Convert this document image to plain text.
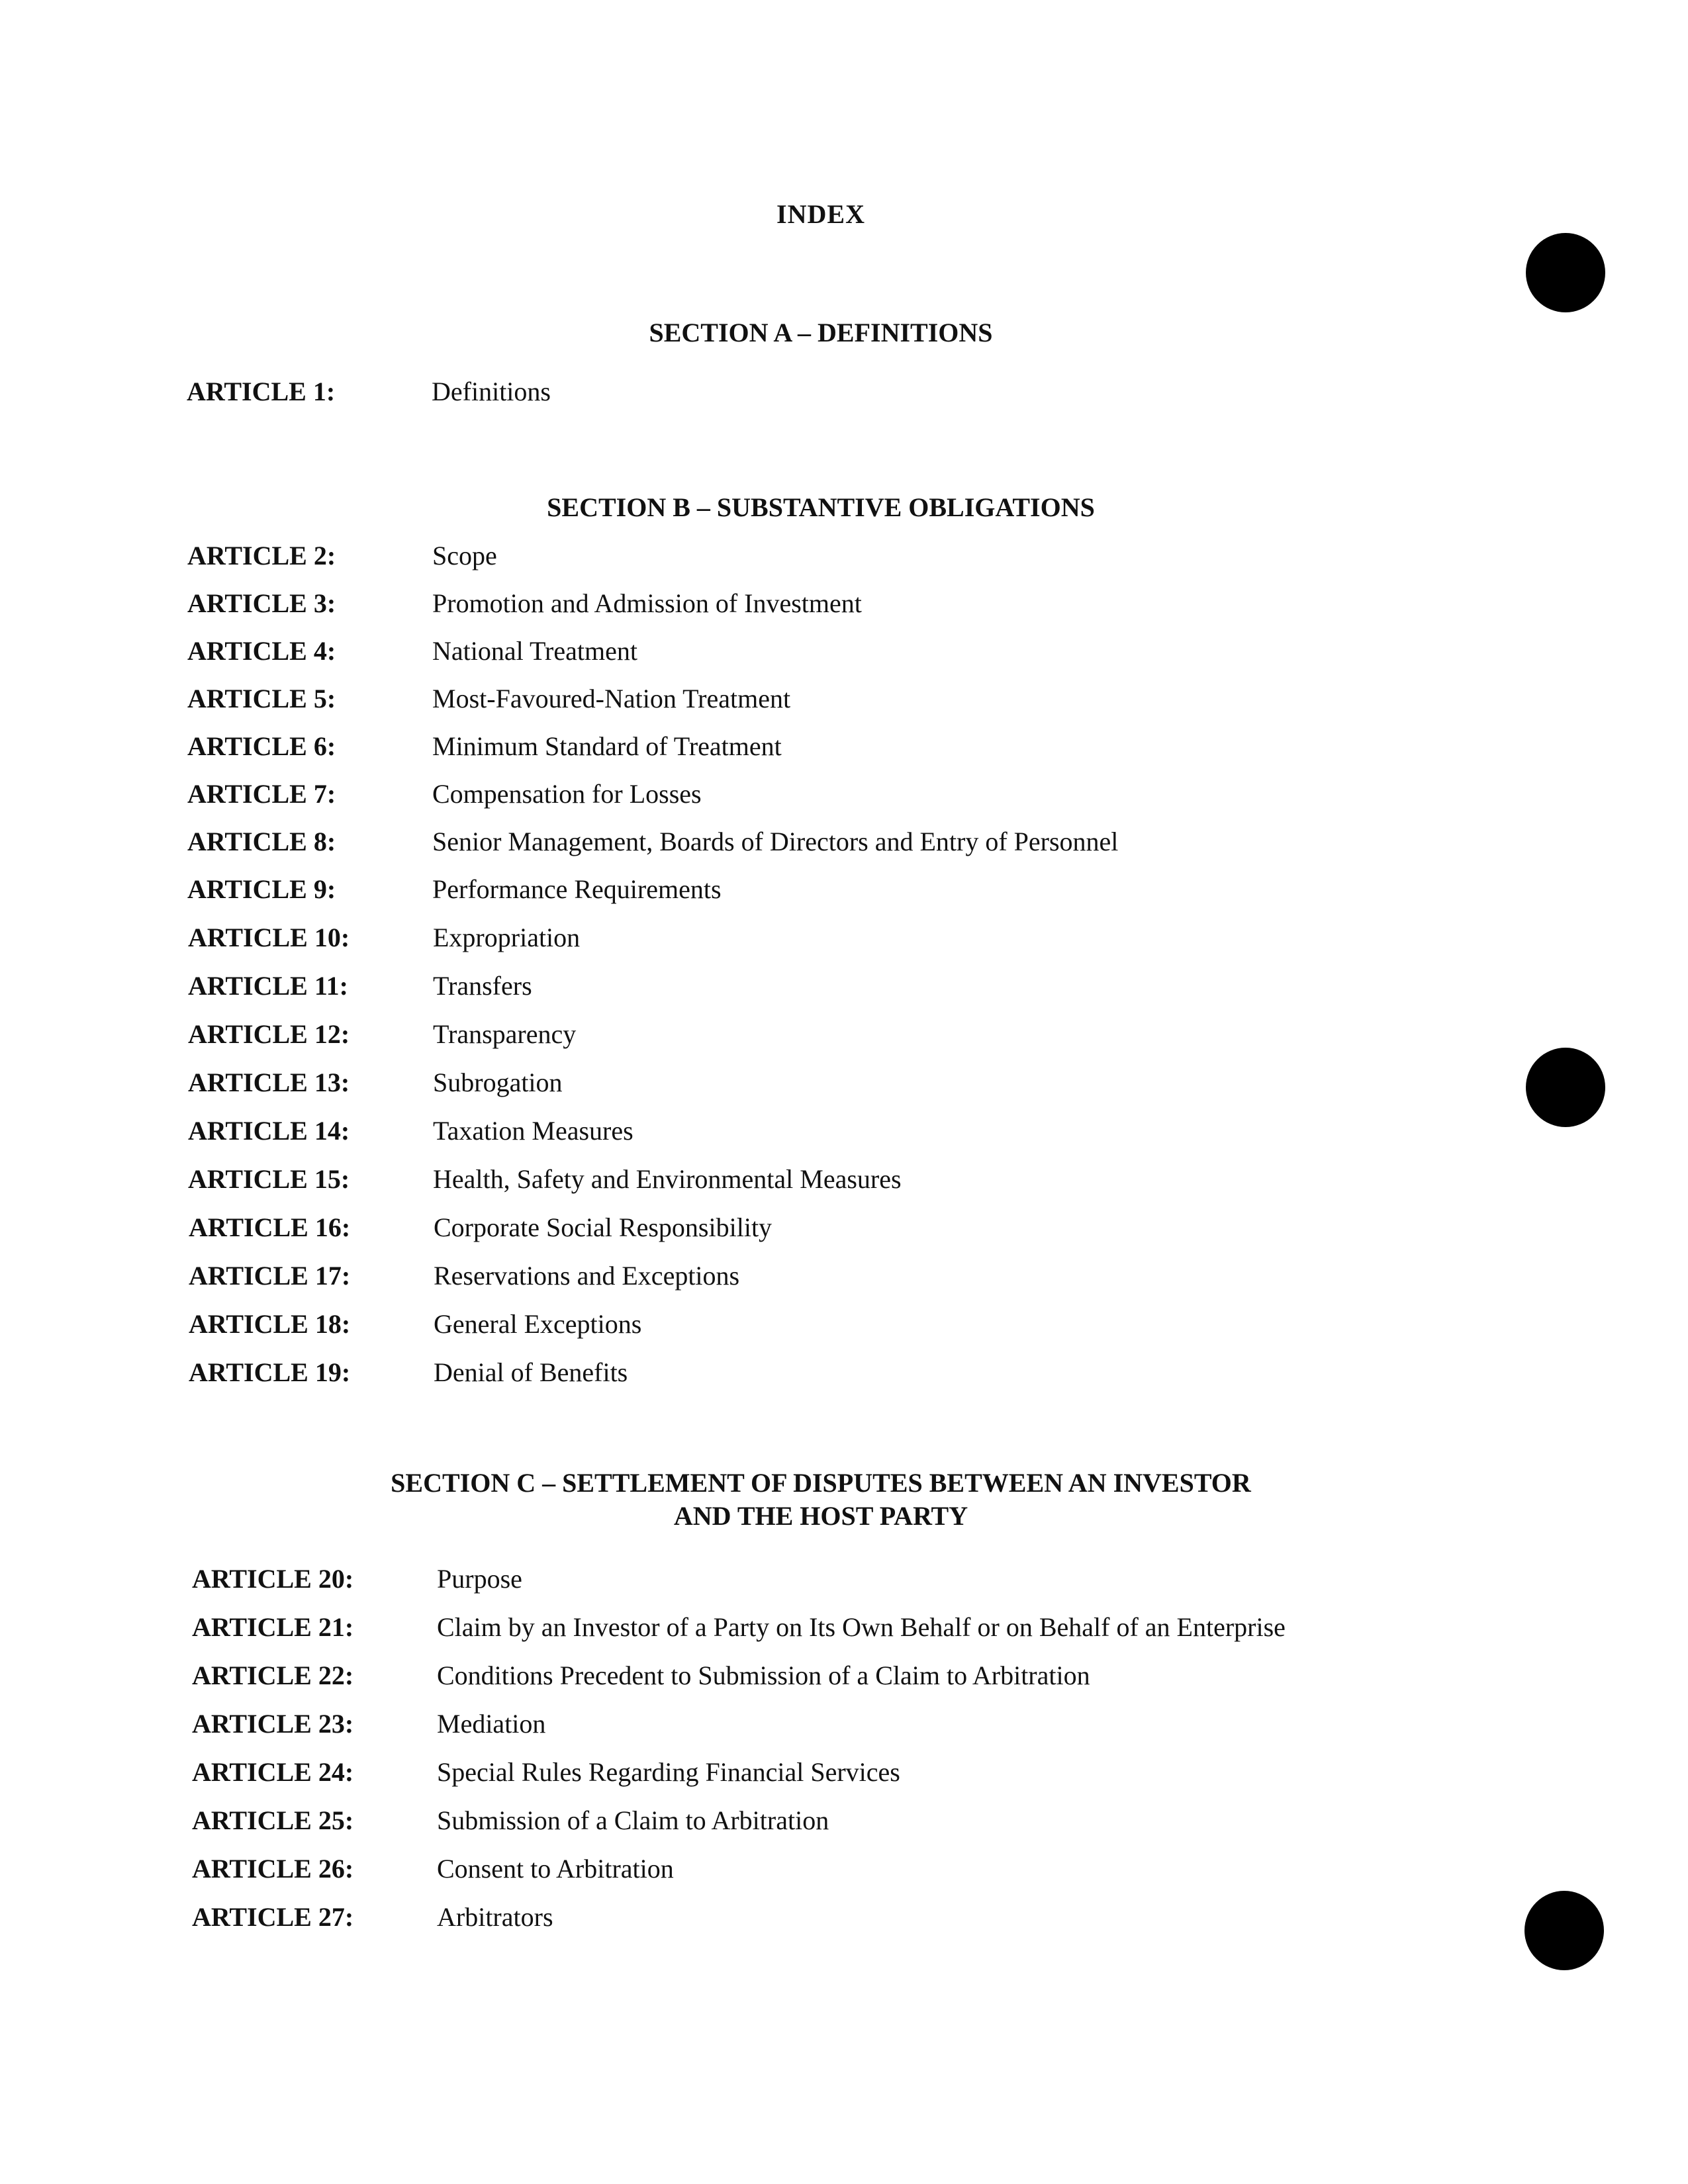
INDEX
SECTION A – DEFINITIONS
ARTICLE 1:	Definitions
SECTION B – SUBSTANTIVE OBLIGATIONS
ARTICLE 2:	Scope
ARTICLE 3:	Promotion and Admission of Investment
ARTICLE 4:	National Treatment
ARTICLE 5:	Most-Favoured-Nation Treatment
ARTICLE 6:	Minimum Standard of Treatment
ARTICLE 7:	Compensation for Losses
ARTICLE 8:	Senior Management, Boards of Directors and Entry of Personnel
ARTICLE 9:	Performance Requirements
ARTICLE 10:	Expropriation
ARTICLE 11:	Transfers
ARTICLE 12:	Transparency
ARTICLE 13:	Subrogation
ARTICLE 14:	Taxation Measures
ARTICLE 15:	Health, Safety and Environmental Measures
ARTICLE 16:	Corporate Social Responsibility
ARTICLE 17:	Reservations and Exceptions
ARTICLE 18:	General Exceptions
ARTICLE 19:	Denial of Benefits
SECTION C – SETTLEMENT OF DISPUTES BETWEEN AN INVESTOR
AND THE HOST PARTY
ARTICLE 20:	Purpose
ARTICLE 21:	Claim by an Investor of a Party on Its Own Behalf or on Behalf of an Enterprise
ARTICLE 22:	Conditions Precedent to Submission of a Claim to Arbitration
ARTICLE 23:	Mediation
ARTICLE 24:	Special Rules Regarding Financial Services
ARTICLE 25:	Submission of a Claim to Arbitration
ARTICLE 26:	Consent to Arbitration
ARTICLE 27:	Arbitrators
